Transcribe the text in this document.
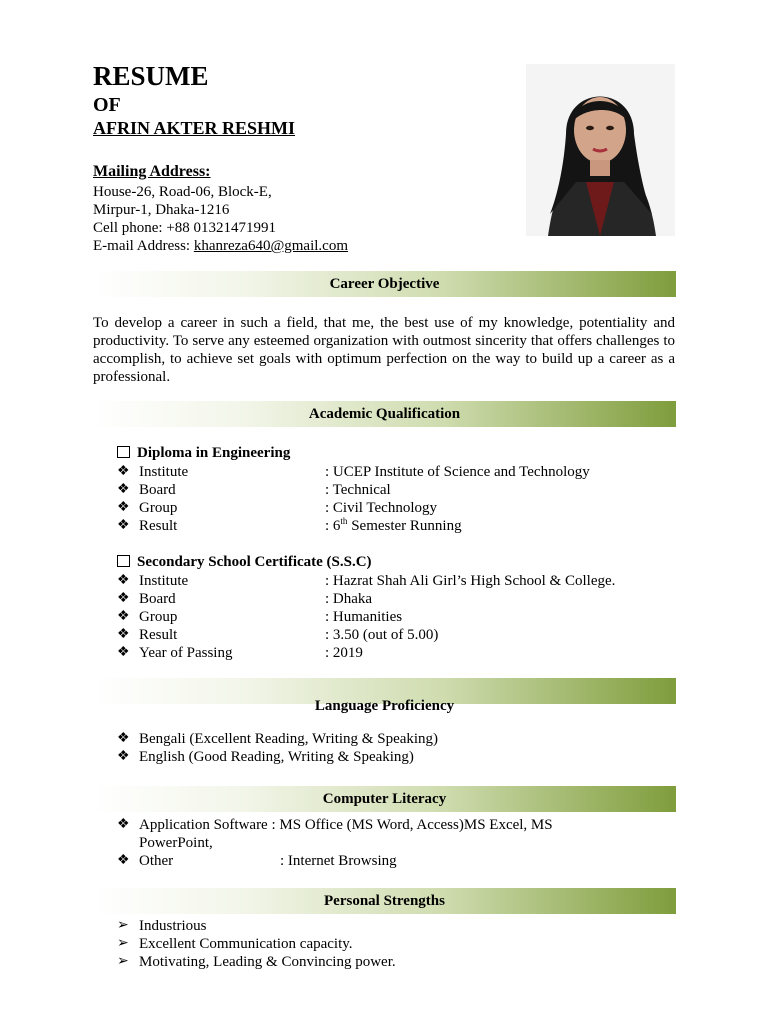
RESUME
OF
AFRIN AKTER RESHMI
Mailing Address:
House-26, Road-06, Block-E,
Mirpur-1, Dhaka-1216
Cell phone: +88 01321471991
E-mail Address: khanreza640@gmail.com
Career Objective
To develop a career in such a field, that me, the best use of my knowledge, potentiality and productivity. To serve any esteemed organization with outmost sincerity that offers challenges to accomplish, to achieve set goals with optimum perfection on the way to build up a career as a professional.
Academic Qualification
Diploma in Engineering
❖ Institute	: UCEP Institute of Science and Technology
❖ Board	: Technical
❖ Group	: Civil Technology
❖ Result	: 6th Semester Running
Secondary School Certificate (S.S.C)
❖ Institute	: Hazrat Shah Ali Girl’s High School & College.
❖ Board	: Dhaka
❖ Group	: Humanities
❖ Result	: 3.50 (out of 5.00)
❖ Year of Passing	: 2019
Language Proficiency
❖ Bengali (Excellent Reading, Writing & Speaking)
❖ English (Good Reading, Writing & Speaking)
Computer Literacy
❖ Application Software : MS Office (MS Word, Access)MS Excel, MS
PowerPoint,
❖ Other	: Internet Browsing
Personal Strengths
➢ Industrious
➢ Excellent Communication capacity.
➢ Motivating, Leading & Convincing power.
